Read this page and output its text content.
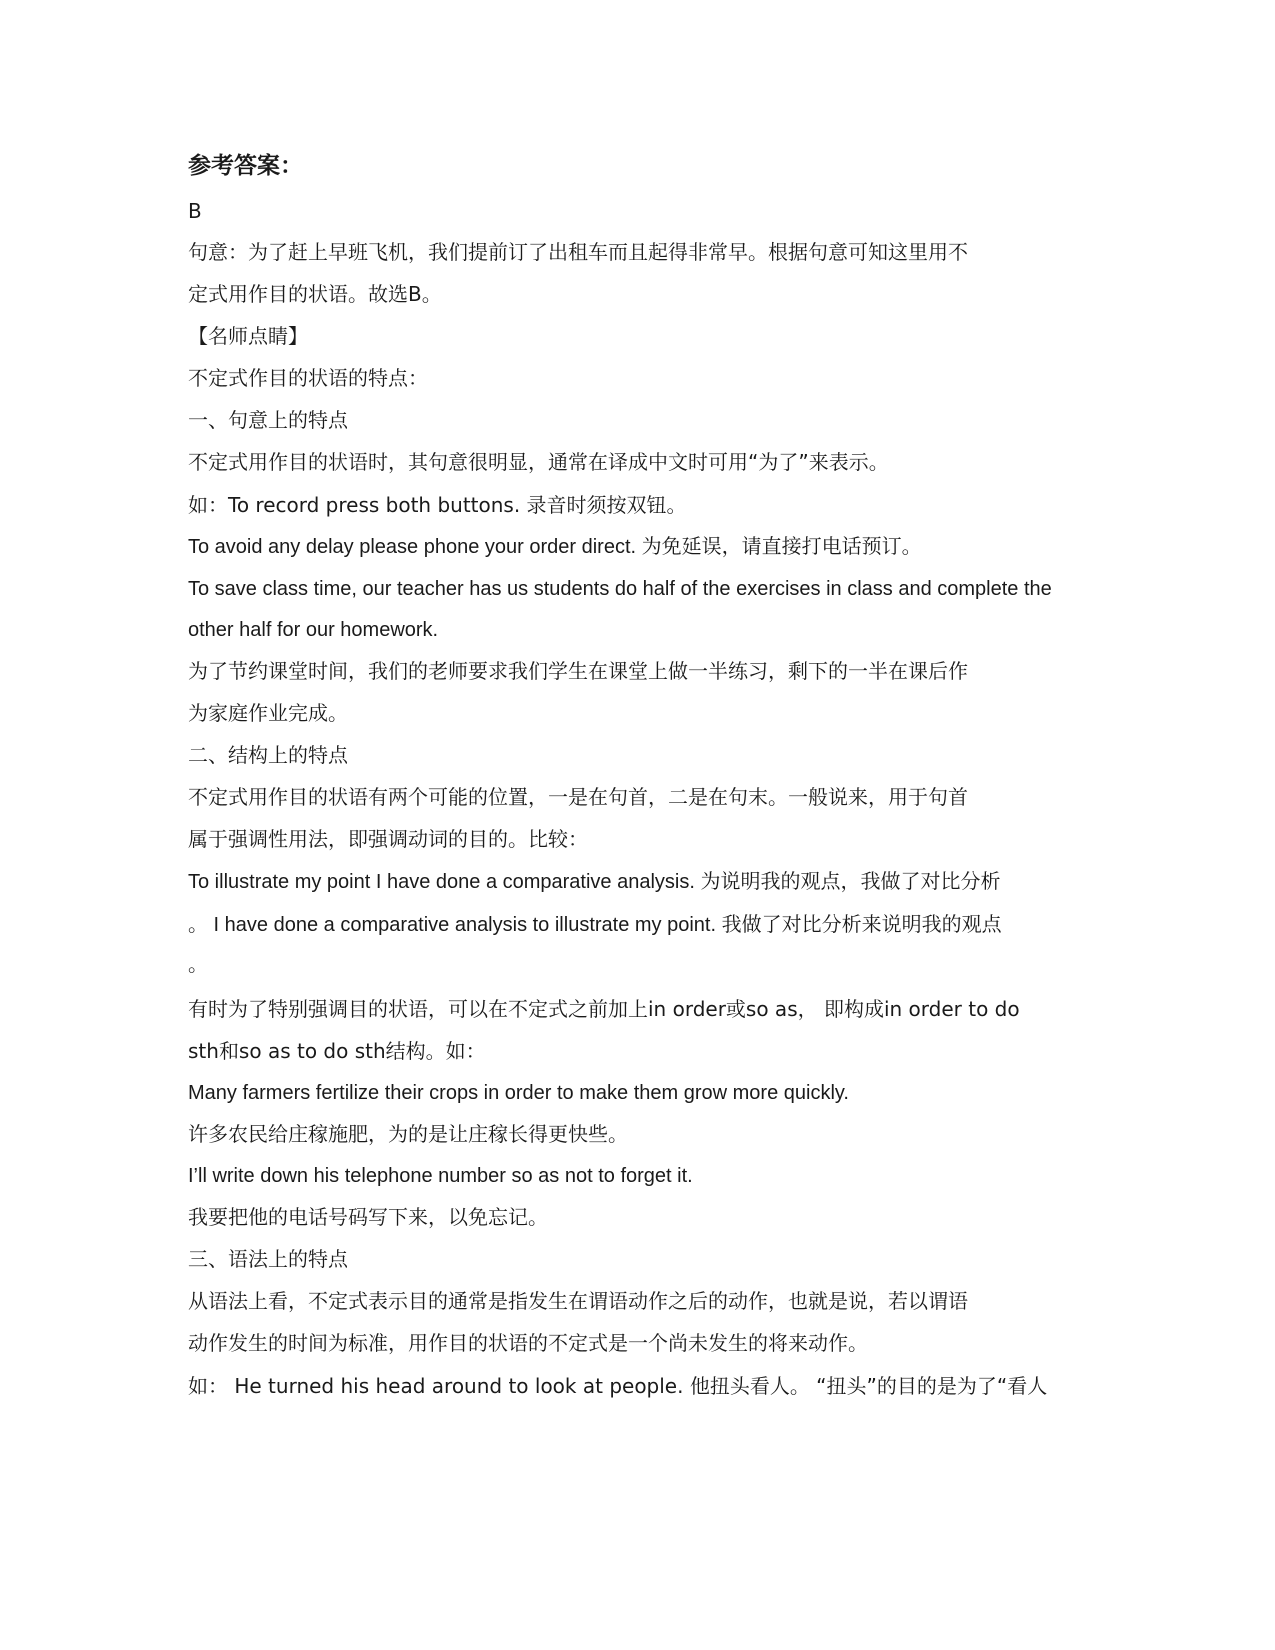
参考答案：

B

句意：为了赶上早班飞机，我们提前订了出租车而且起得非常早。根据句意可知这里用不

定式用作目的状语。故选B。

【名师点睛】

不定式作目的状语的特点：

一、句意上的特点

不定式用作目的状语时，其句意很明显，通常在译成中文时可用“为了”来表示。

如：To record press both buttons. 录音时须按双钮。

To avoid any delay please phone your order direct. 为免延误，请直接打电话预订。

To save class time, our teacher has us students do half of the exercises in class and complete the

other half for our homework.

为了节约课堂时间，我们的老师要求我们学生在课堂上做一半练习，剩下的一半在课后作

为家庭作业完成。

二、结构上的特点

不定式用作目的状语有两个可能的位置，一是在句首，二是在句末。一般说来，用于句首

属于强调性用法，即强调动词的目的。比较：

To illustrate my point I have done a comparative analysis. 为说明我的观点，我做了对比分析

。 I have done a comparative analysis to illustrate my point. 我做了对比分析来说明我的观点

。

有时为了特别强调目的状语，可以在不定式之前加上in order或so as， 即构成in order to do

sth和so as to do sth结构。如：

Many farmers fertilize their crops in order to make them grow more quickly.

许多农民给庄稼施肥，为的是让庄稼长得更快些。

I’ll write down his telephone number so as not to forget it.

我要把他的电话号码写下来，以免忘记。

三、语法上的特点

从语法上看，不定式表示目的通常是指发生在谓语动作之后的动作，也就是说，若以谓语

动作发生的时间为标准，用作目的状语的不定式是一个尚未发生的将来动作。

如： He turned his head around to look at people. 他扭头看人。 “扭头”的目的是为了“看人
